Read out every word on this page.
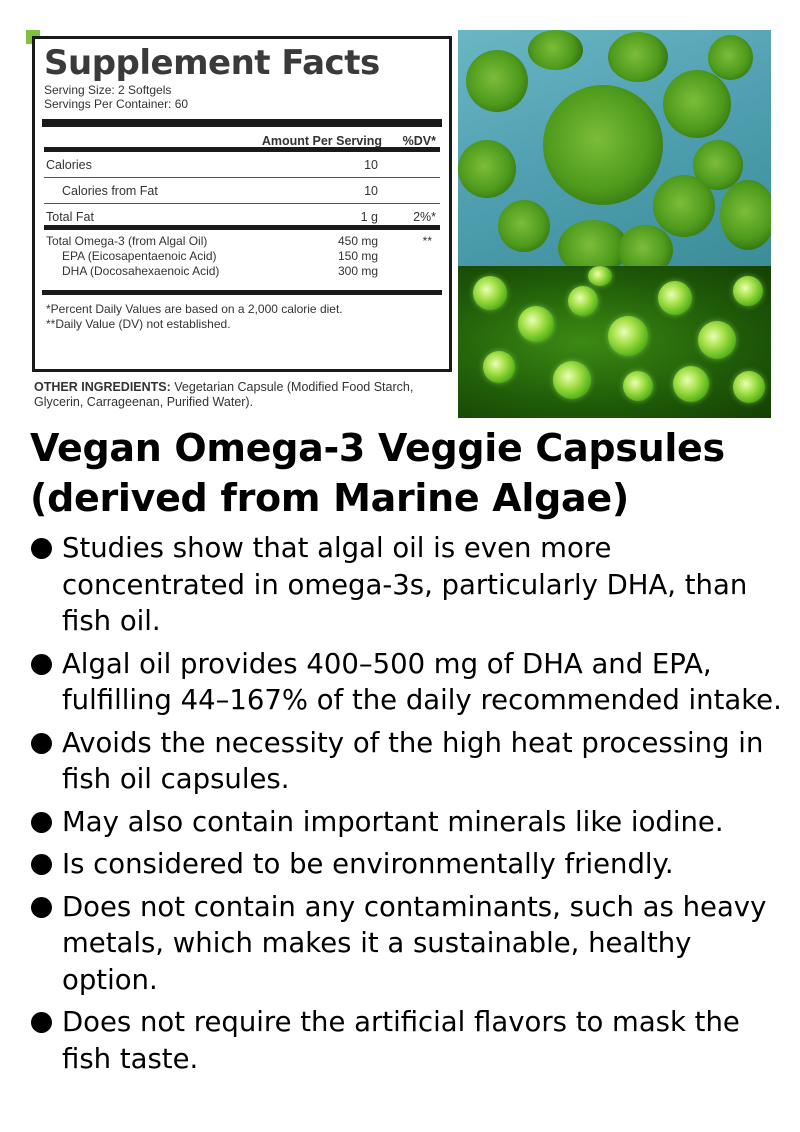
Supplement Facts
Serving Size: 2 Softgels
Servings Per Container: 60
Amount Per Serving %DV*
Calories	10
Calories from Fat	10
Total Fat	1 g	2%*
Total Omega-3 (from Algal Oil)	450 mg	**
EPA (Eicosapentaenoic Acid)	150 mg
DHA (Docosahexaenoic Acid)	300 mg
*Percent Daily Values are based on a 2,000 calorie diet.
**Daily Value (DV) not established.
OTHER INGREDIENTS: Vegetarian Capsule (Modified Food Starch, Glycerin, Carrageenan, Purified Water).
Vegan Omega-3 Veggie Capsules
(derived from Marine Algae)
Studies show that algal oil is even more concentrated in omega-3s, particularly DHA, than fish oil.
Algal oil provides 400–500 mg of DHA and EPA, fulfilling 44–167% of the daily recommended intake.
Avoids the necessity of the high heat processing in fish oil capsules.
May also contain important minerals like iodine.
Is considered to be environmentally friendly.
Does not contain any contaminants, such as heavy metals, which makes it a sustainable, healthy option.
Does not require the artificial flavors to mask the fish taste.
